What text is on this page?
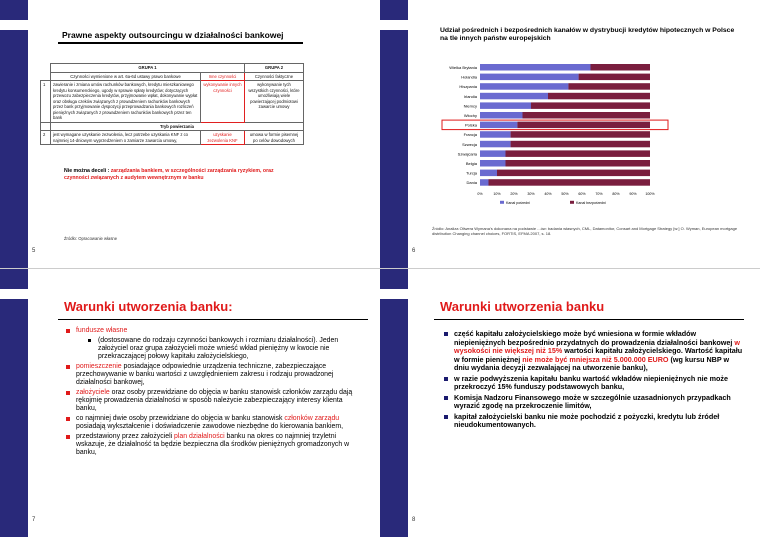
Prawne aspekty outsourcingu w działalności bankowej
	GRUPA 1		GRUPA 2
	Czynności wymienione w art. 6a-6d ustawy prawo bankowe	Inne czynności	Czynności faktyczne
1	zawieranie i zmiana umów rachunków bankowych, kredytu mieszkaniowego kredytu konsumenckiego, ugody w sprawie spłaty kredytów; dotyczących przewozu zabezpieczenia kredytów, przyjmowanie wpłat, dokonywanie wypłat oraz obsługa czeków związanych z prowadzeniem rachunków bankowych przez bank przyjmowanie dyspozycji przeprowadzania bankowych rozliczeń pieniężnych związanych z prowadzeniem rachunków bankowych przez ten bank	wykonywanie innych czynności	wykonywanie tych wszystkich czynności, które umożliwiają wiele powierzającej podmiotowi zawarcie umowy
	Tryb powierzania		
2	jest wymagane uzyskanie zezwolenia, lecz potrzebe uzyskania KNF z co najmniej 14-dniowym wyprzedzeniem o zamiarze zawarcia umowy,	uzyskanie zezwolenia KNF	umowa w formie pisemnej po celów dowodowych
Nie można deceli : zarządzania bankiem, w szczególności zarządzania ryzykiem, oraz czynności związanych z audytem wewnętrznym w banku
Źródło: Opracowanie własne
5
Udział pośrednich i bezpośrednich kanałów w dystrybucji kredytów hipotecznych w Polsce na tle innych państw europejskich
Wielka Brytania
Holandia
Hiszpania
Irlandia
Niemcy
Włochy
Polska
Francja
Szwecja
Szwajcaria
Belgia
Turcja
Dania
0%	10%	20%	30%	40%	50%	60%	70%	80%	90% 100%
Kanał pośredni	Kanał bezpośredni
Źródło: Analiza Oliwera Wymana's dokonana na podstawie ...ów: badania własnych, CML, Datamonitor, Consart and Mortgage Strategy [w:] O. Wyman, European mortgage distribution Changing channel choices, FORTIS, EFMA 2007, s. 18.
6
Warunki utworzenia banku:
fundusze własne
(dostosowane do rodzaju czynności bankowych i rozmiaru działalności). Jeden założyciel oraz grupa założycieli może wnieść wkład pieniężny w kwocie nie przekraczającej połowy kapitału założycielskiego,
pomieszczenie posiadające odpowiednie urządzenia techniczne, zabezpieczające przechowywanie w banku wartości z uwzględnieniem zakresu i rodzaju prowadzonej działalności bankowej,
założyciele oraz osoby przewidziane do objęcia w banku stanowisk członków zarządu dają rękojmię prowadzenia działalności w sposób należycie zabezpieczający interesy klienta banku,
co najmniej dwie osoby przewidziane do objęcia w banku stanowisk członków zarządu posiadają wykształcenie i doświadczenie zawodowe niezbędne do kierowania bankiem,
przedstawiony przez założycieli plan działalności banku na okres co najmniej trzyletni wskazuje, że działalność ta będzie bezpieczna dla środków pieniężnych gromadzonych w banku,
7
Warunki utworzenia banku
część kapitału założycielskiego może być wniesiona w formie wkładów niepieniężnych bezpośrednio przydatnych do prowadzenia działalności bankowej w wysokości nie większej niż 15% wartości kapitału założycielskiego. Wartość kapitału w formie pieniężnej nie może być mniejsza niż 5.000.000 EURO (wg kursu NBP w dniu wydania decyzji zezwalającej na utworzenie banku),
w razie podwyższenia kapitału banku wartość wkładów niepieniężnych nie może przekroczyć 15% funduszy podstawowych banku,
Komisja Nadzoru Finansowego może w szczególnie uzasadnionych przypadkach wyrazić zgodę na przekroczenie limitów,
kapitał założycielski banku nie może pochodzić z pożyczki, kredytu lub źródeł nieudokumentowanych.
8
